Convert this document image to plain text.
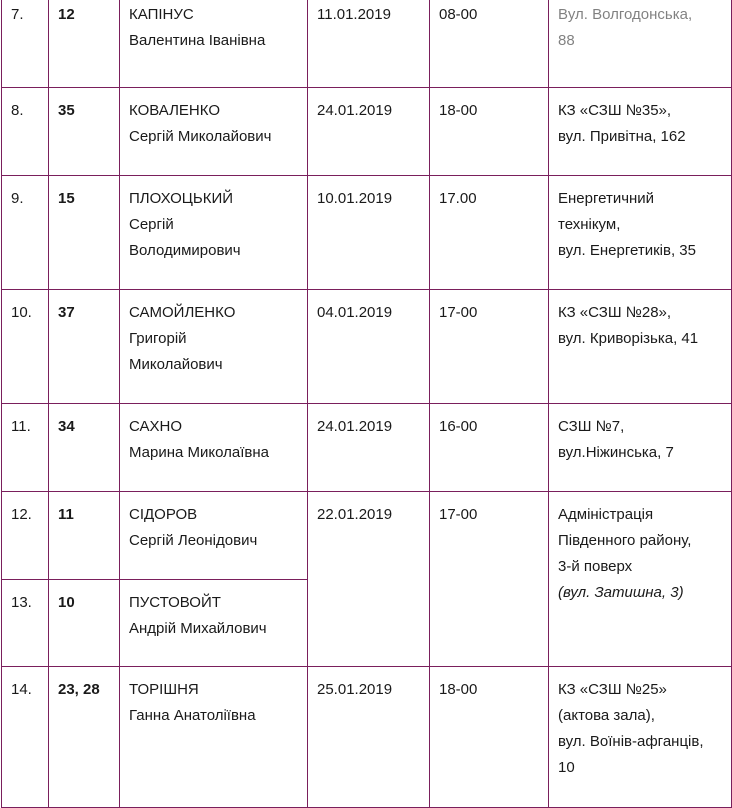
7.	12	КАПІНУС
Валентина Іванівна	11.01.2019	08-00	Вул. Волгодонська,
88

8.	35	КОВАЛЕНКО
Сергій Миколайович	24.01.2019	18-00	КЗ «СЗШ №35»,
вул. Привітна, 162

9.	15	ПЛОХОЦЬКИЙ
Сергій
Володимирович	10.01.2019	17.00	Енергетичний
технікум,
вул. Енергетиків, 35

10.	37	САМОЙЛЕНКО
Григорій
Миколайович	04.01.2019	17-00	КЗ «СЗШ №28»,
вул. Криворізька, 41

11.	34	САХНО
Марина Миколаївна	24.01.2019	16-00	СЗШ №7,
вул.Ніжинська, 7

12.	11	СІДОРОВ
Сергій Леонідович	22.01.2019	17-00	Адміністрація
Південного району,
3-й поверх
(вул. Затишна, 3)

13.	10	ПУСТОВОЙТ
Андрій Михайлович			

14.	23, 28	ТОРІШНЯ
Ганна Анатоліївна	25.01.2019	18-00	КЗ «СЗШ №25»
(актова зала),
вул. Воїнів-афганців,
10
